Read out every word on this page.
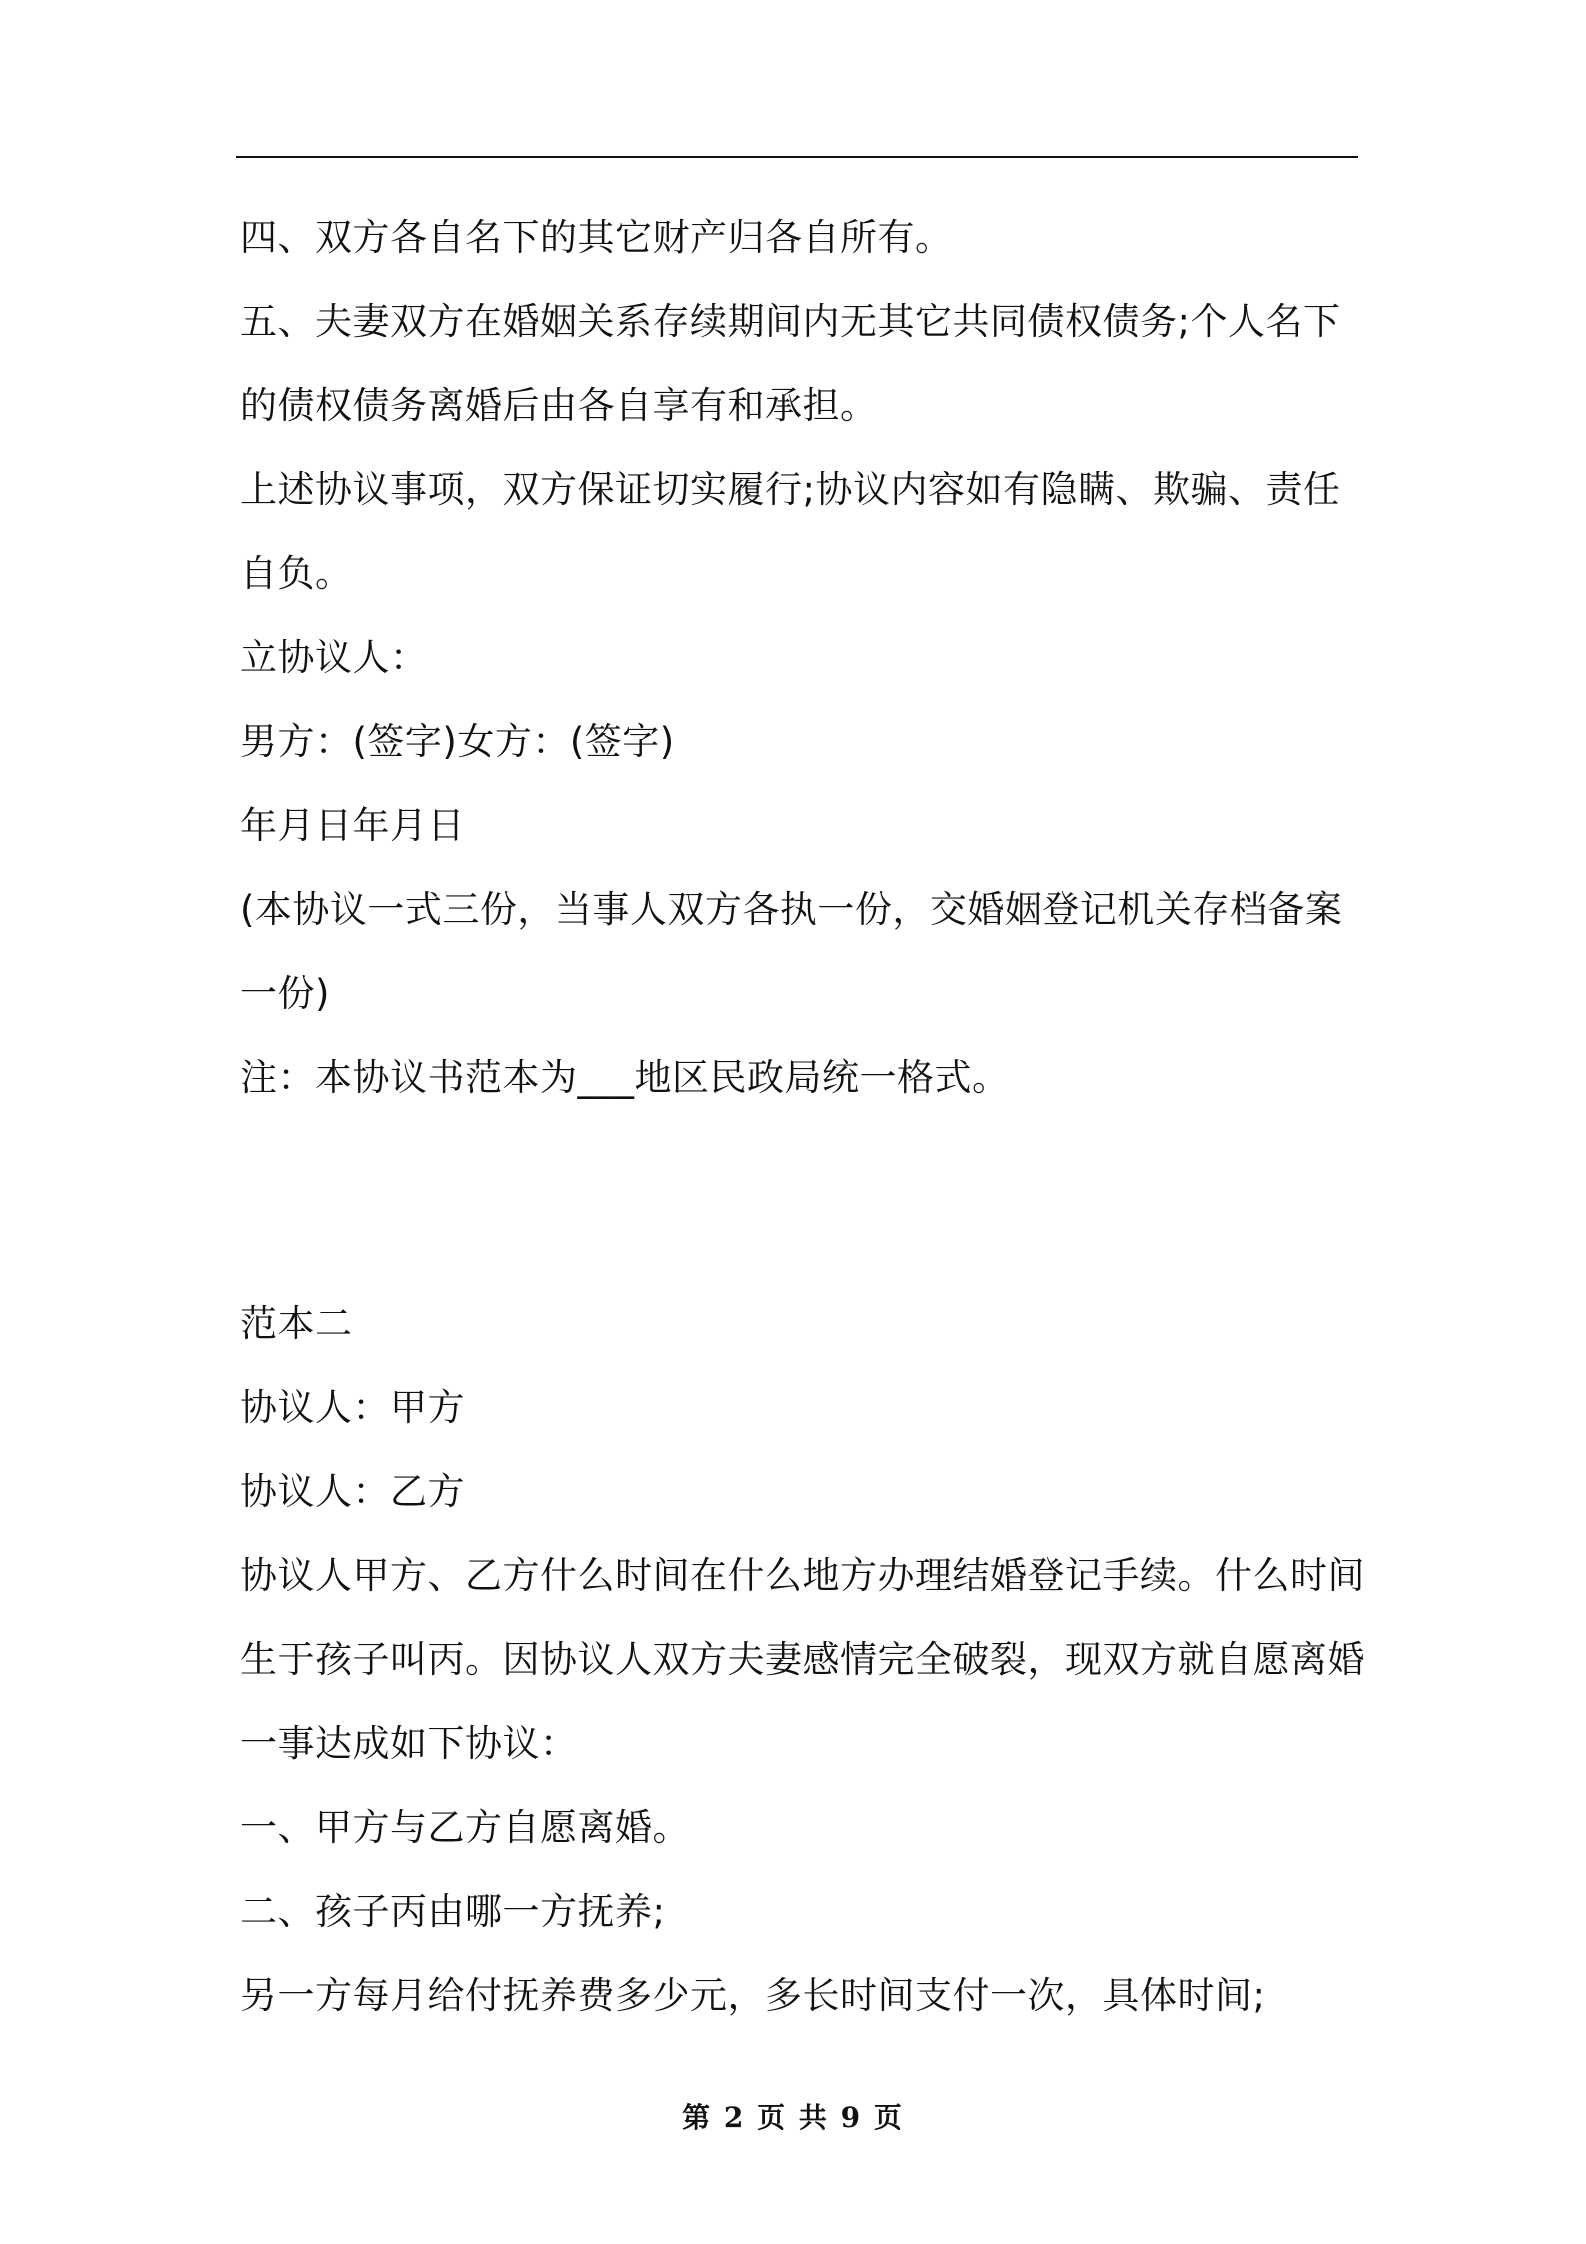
四、双方各自名下的其它财产归各自所有。
五、夫妻双方在婚姻关系存续期间内无其它共同债权债务;个人名下
的债权债务离婚后由各自享有和承担。
上述协议事项，双方保证切实履行;协议内容如有隐瞒、欺骗、责任
自负。
立协议人：
男方：(签字)女方：(签字)
年月日年月日
(本协议一式三份，当事人双方各执一份，交婚姻登记机关存档备案
一份)
注：本协议书范本为___地区民政局统一格式。
范本二
协议人：甲方
协议人：乙方
协议人甲方、乙方什么时间在什么地方办理结婚登记手续。什么时间
生于孩子叫丙。因协议人双方夫妻感情完全破裂，现双方就自愿离婚
一事达成如下协议：
一、甲方与乙方自愿离婚。
二、孩子丙由哪一方抚养;
另一方每月给付抚养费多少元，多长时间支付一次，具体时间;
第 2 页 共 9 页
